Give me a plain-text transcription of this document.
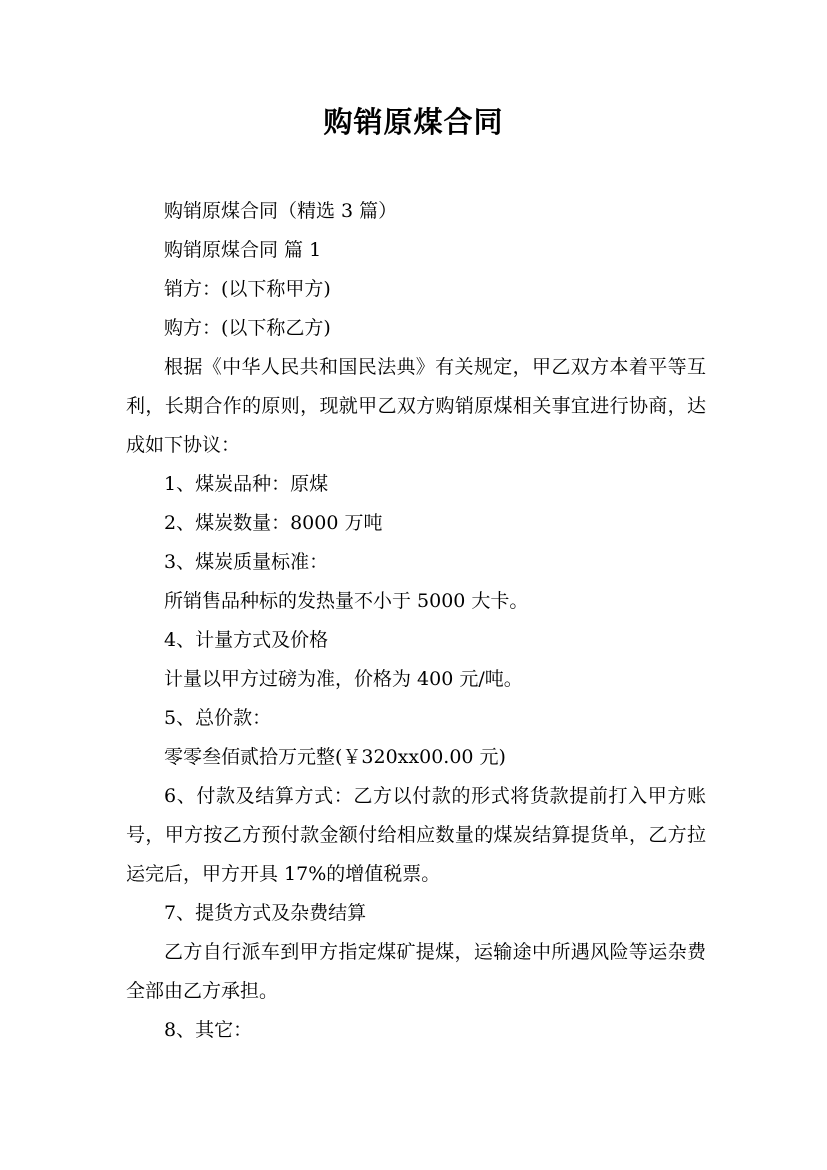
购销原煤合同

购销原煤合同（精选 3 篇）

购销原煤合同 篇 1

销方：(以下称甲方)

购方：(以下称乙方)

根据《中华人民共和国民法典》有关规定，甲乙双方本着平等互利，长期合作的原则，现就甲乙双方购销原煤相关事宜进行协商，达成如下协议：

1、煤炭品种：原煤

2、煤炭数量：8000 万吨

3、煤炭质量标准：

所销售品种标的发热量不小于 5000 大卡。

4、计量方式及价格

计量以甲方过磅为准，价格为 400 元/吨。

5、总价款：

零零叁佰贰拾万元整(￥320xx00.00 元)

6、付款及结算方式：乙方以付款的形式将货款提前打入甲方账号，甲方按乙方预付款金额付给相应数量的煤炭结算提货单，乙方拉运完后，甲方开具 17%的增值税票。

7、提货方式及杂费结算

乙方自行派车到甲方指定煤矿提煤，运输途中所遇风险等运杂费全部由乙方承担。

8、其它：
